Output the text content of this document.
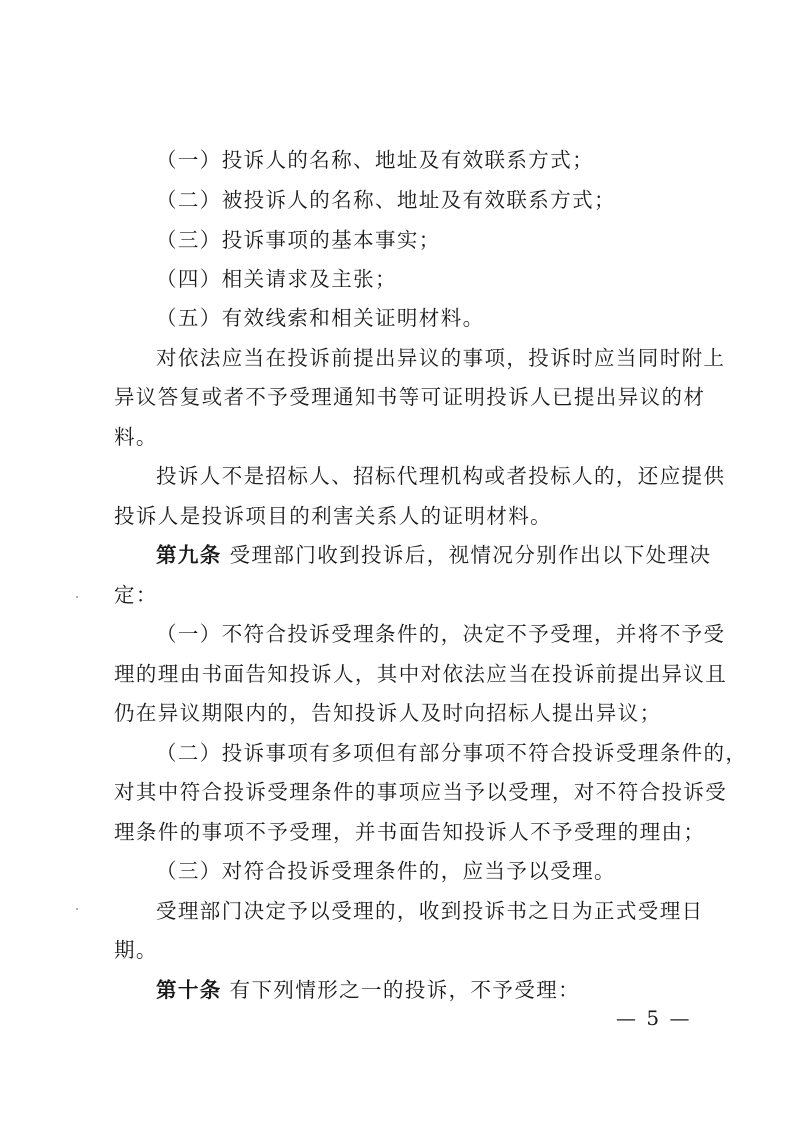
（一）投诉人的名称、地址及有效联系方式；
（二）被投诉人的名称、地址及有效联系方式；
（三）投诉事项的基本事实；
（四）相关请求及主张；
（五）有效线索和相关证明材料。
对依法应当在投诉前提出异议的事项，投诉时应当同时附上
异议答复或者不予受理通知书等可证明投诉人已提出异议的材
料。
投诉人不是招标人、招标代理机构或者投标人的，还应提供
投诉人是投诉项目的利害关系人的证明材料。
第九条 受理部门收到投诉后，视情况分别作出以下处理决
定：
（一）不符合投诉受理条件的，决定不予受理，并将不予受
理的理由书面告知投诉人，其中对依法应当在投诉前提出异议且
仍在异议期限内的，告知投诉人及时向招标人提出异议；
（二）投诉事项有多项但有部分事项不符合投诉受理条件的，
对其中符合投诉受理条件的事项应当予以受理，对不符合投诉受
理条件的事项不予受理，并书面告知投诉人不予受理的理由；
（三）对符合投诉受理条件的，应当予以受理。
受理部门决定予以受理的，收到投诉书之日为正式受理日
期。
第十条 有下列情形之一的投诉，不予受理：
— 5 —
